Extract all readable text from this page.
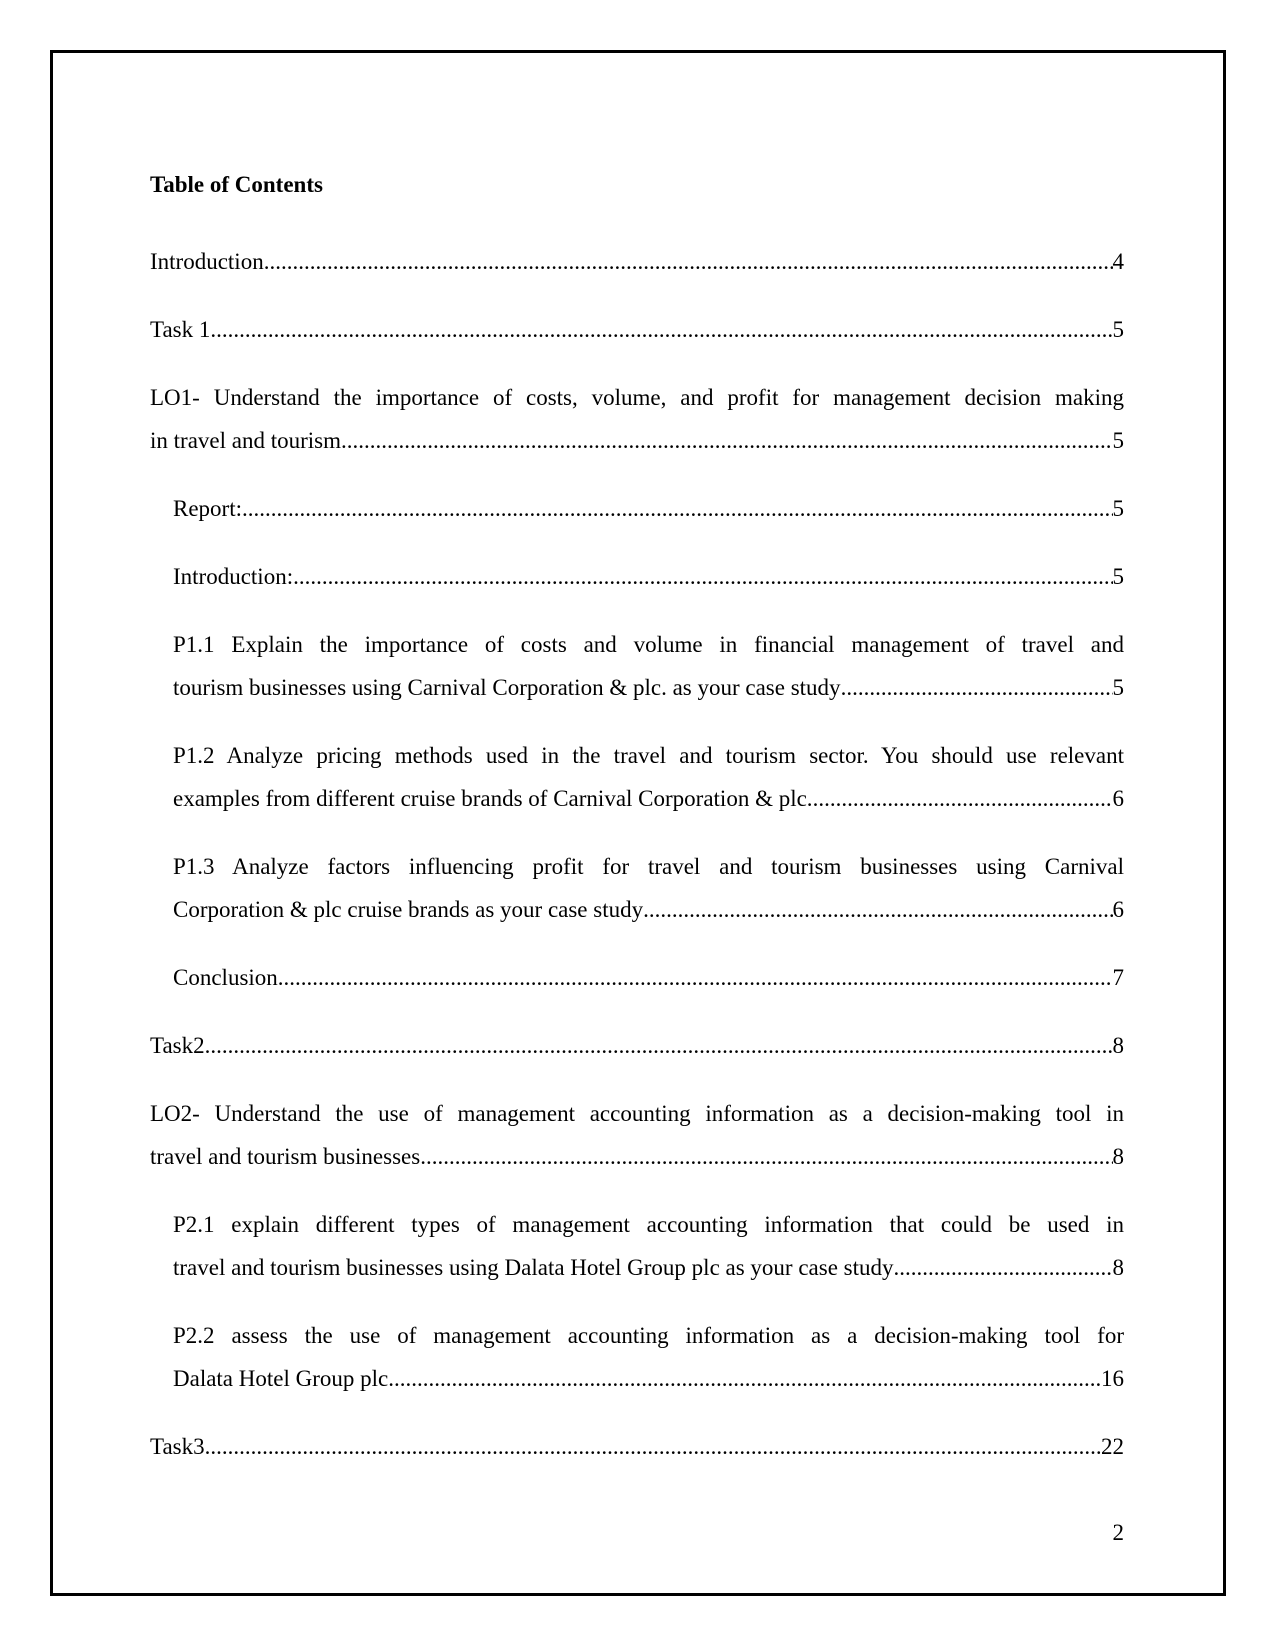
Table of Contents
Introduction .....	4
Task 1 .....	5
LO1- Understand the importance of costs, volume, and profit for management decision making
in travel and tourism. .....	5
Report: .....	5
Introduction: .....	5
P1.1 Explain the importance of costs and volume in financial management of travel and
tourism businesses using Carnival Corporation & plc. as your case study .....	5
P1.2 Analyze pricing methods used in the travel and tourism sector. You should use relevant
examples from different cruise brands of Carnival Corporation & plc. .....	6
P1.3 Analyze factors influencing profit for travel and tourism businesses using Carnival
Corporation & plc cruise brands as your case study .....	6
Conclusion .....	7
Task2 .....	8
LO2- Understand the use of management accounting information as a decision-making tool in
travel and tourism businesses .....	8
P2.1 explain different types of management accounting information that could be used in
travel and tourism businesses using Dalata Hotel Group plc as your case study .....	8
P2.2 assess the use of management accounting information as a decision-making tool for
Dalata Hotel Group plc. .....	16
Task3 .....	22
2
